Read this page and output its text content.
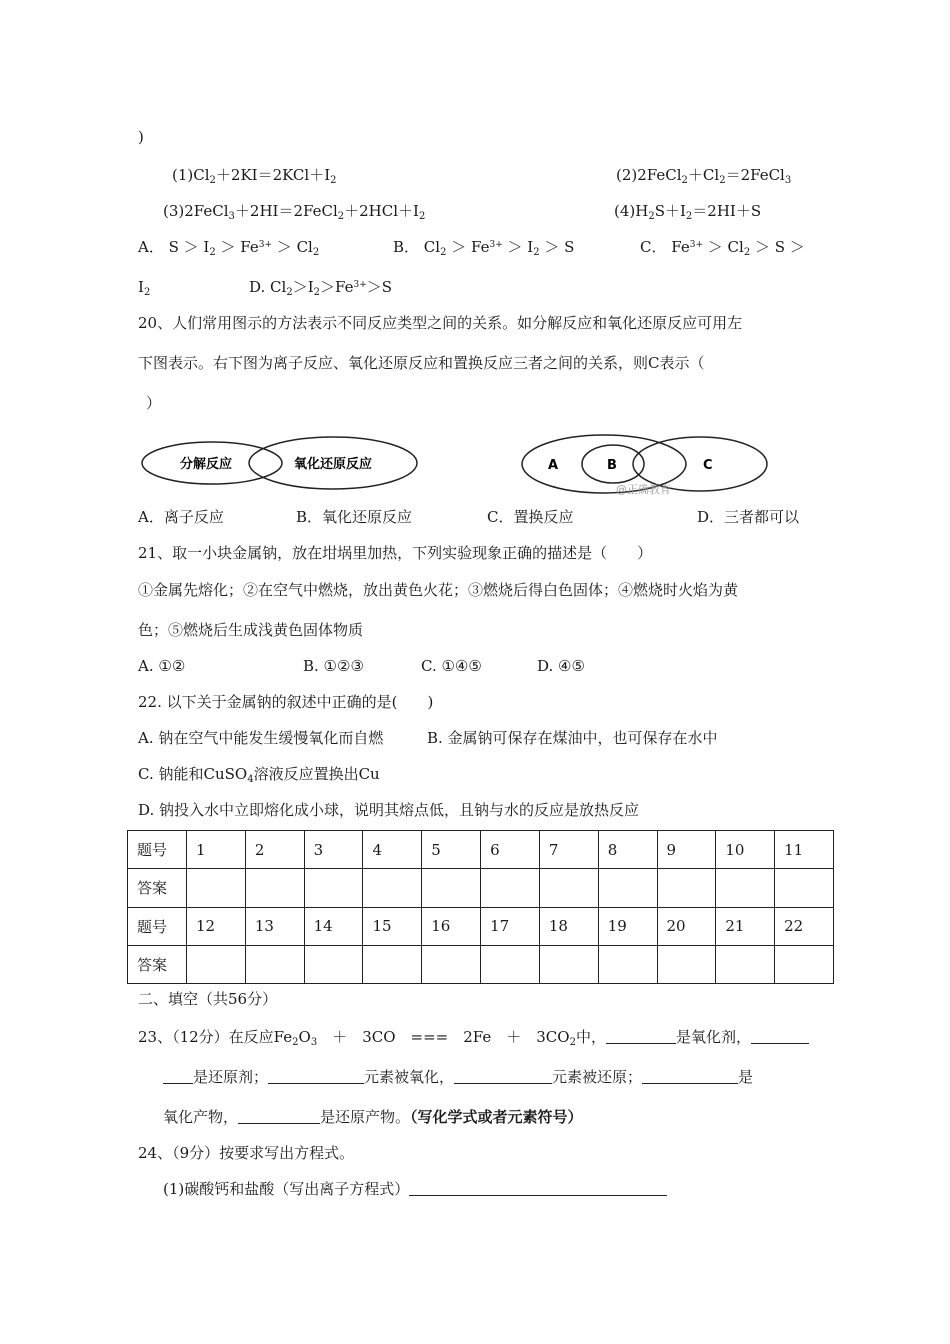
)
$(1)Cl_2+2KI=2KCl+I_2$	$(2)2FeCl_2+Cl_2=2FeCl_3$
$(3)2FeCl_3+2HI=2FeCl_2+2HCl+I_2$	$(4)H_2S+I_2=2HI+S$
A． $S > I_2 > Fe^{3+} > Cl_2$	B． $Cl_2 > Fe^{3+} > I_2 > S$	C． $Fe^{3+} > Cl_2 > S$ ＞
$I_2$	D. $Cl_2>I_2>Fe^{3+}>S$
20、人们常用图示的方法表示不同反应类型之间的关系。如分解反应和氧化还原反应可用左
下图表示。右下图为离子反应、氧化还原反应和置换反应三者之间的关系，则C表示（
）
分解反应	氧化还原反应	A	B	C
@正确教育
A．离子反应	B．氧化还原反应	C．置换反应	D．三者都可以
21、取一小块金属钠，放在坩埚里加热，下列实验现象正确的描述是（　　）
①金属先熔化；②在空气中燃烧，放出黄色火花；③燃烧后得白色固体；④燃烧时火焰为黄
色；⑤燃烧后生成浅黄色固体物质
A. ①②	B. ①②③	C. ①④⑤	D. ④⑤
22. 以下关于金属钠的叙述中正确的是(　　)
A. 钠在空气中能发生缓慢氧化而自燃	B. 金属钠可保存在煤油中，也可保存在水中
C. 钠能和CuSO$_4$溶液反应置换出Cu
D. 钠投入水中立即熔化成小球，说明其熔点低，且钠与水的反应是放热反应
题号	1	2	3	4	5	6	7	8	9	10	11
答案											
题号	12	13	14	15	16	17	18	19	20	21	22
答案											
二、填空（共56分）
23、（12分）在反应$Fe_2O_3$　＋　3CO　===　2Fe　＋　$3CO_2$中，	是氧化剂，
是还原剂；	元素被氧化，	元素被还原；	是
氧化产物，	是还原产物。（写化学式或者元素符号）
24、（9分）按要求写出方程式。
(1)碳酸钙和盐酸（写出离子方程式）
